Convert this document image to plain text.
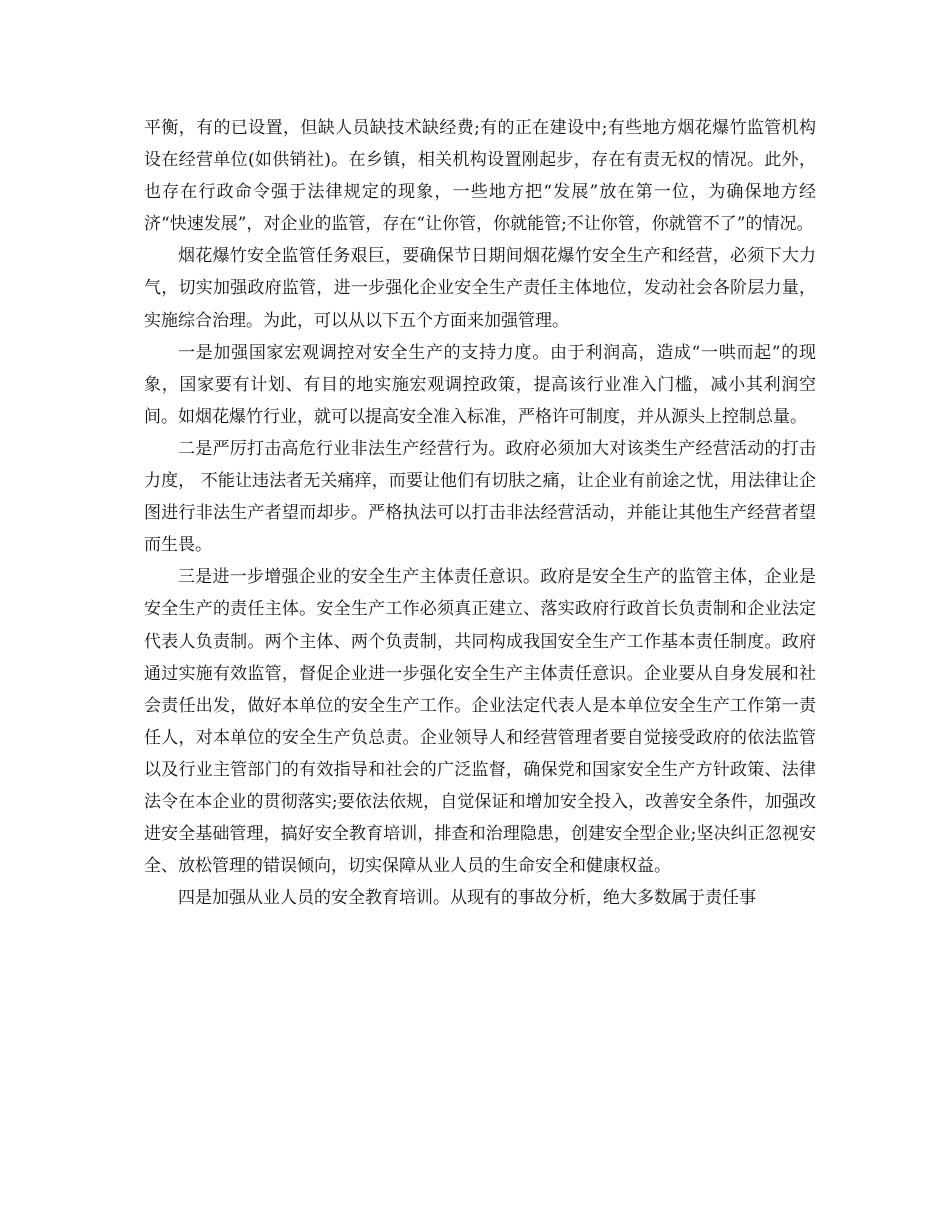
平衡，有的已设置，但缺人员缺技术缺经费;有的正在建设中;有些地方烟花爆竹监管机构设在经营单位(如供销社)。在乡镇，相关机构设置刚起步，存在有责无权的情况。此外，也存在行政命令强于法律规定的现象，一些地方把“发展”放在第一位，为确保地方经济“快速发展”，对企业的监管，存在“让你管，你就能管;不让你管，你就管不了”的情况。

烟花爆竹安全监管任务艰巨，要确保节日期间烟花爆竹安全生产和经营，必须下大力气，切实加强政府监管，进一步强化企业安全生产责任主体地位，发动社会各阶层力量，实施综合治理。为此，可以从以下五个方面来加强管理。

一是加强国家宏观调控对安全生产的支持力度。由于利润高，造成“一哄而起”的现象，国家要有计划、有目的地实施宏观调控政策，提高该行业准入门槛，减小其利润空间。如烟花爆竹行业，就可以提高安全准入标准，严格许可制度，并从源头上控制总量。

二是严厉打击高危行业非法生产经营行为。政府必须加大对该类生产经营活动的打击力度， 不能让违法者无关痛痒，而要让他们有切肤之痛，让企业有前途之忧，用法律让企图进行非法生产者望而却步。严格执法可以打击非法经营活动，并能让其他生产经营者望而生畏。

三是进一步增强企业的安全生产主体责任意识。政府是安全生产的监管主体，企业是安全生产的责任主体。安全生产工作必须真正建立、落实政府行政首长负责制和企业法定代表人负责制。两个主体、两个负责制，共同构成我国安全生产工作基本责任制度。政府通过实施有效监管，督促企业进一步强化安全生产主体责任意识。企业要从自身发展和社会责任出发，做好本单位的安全生产工作。企业法定代表人是本单位安全生产工作第一责任人，对本单位的安全生产负总责。企业领导人和经营管理者要自觉接受政府的依法监管以及行业主管部门的有效指导和社会的广泛监督，确保党和国家安全生产方针政策、法律法令在本企业的贯彻落实;要依法依规，自觉保证和增加安全投入，改善安全条件，加强改进安全基础管理，搞好安全教育培训，排查和治理隐患，创建安全型企业;坚决纠正忽视安全、放松管理的错误倾向，切实保障从业人员的生命安全和健康权益。

四是加强从业人员的安全教育培训。从现有的事故分析，绝大多数属于责任事
